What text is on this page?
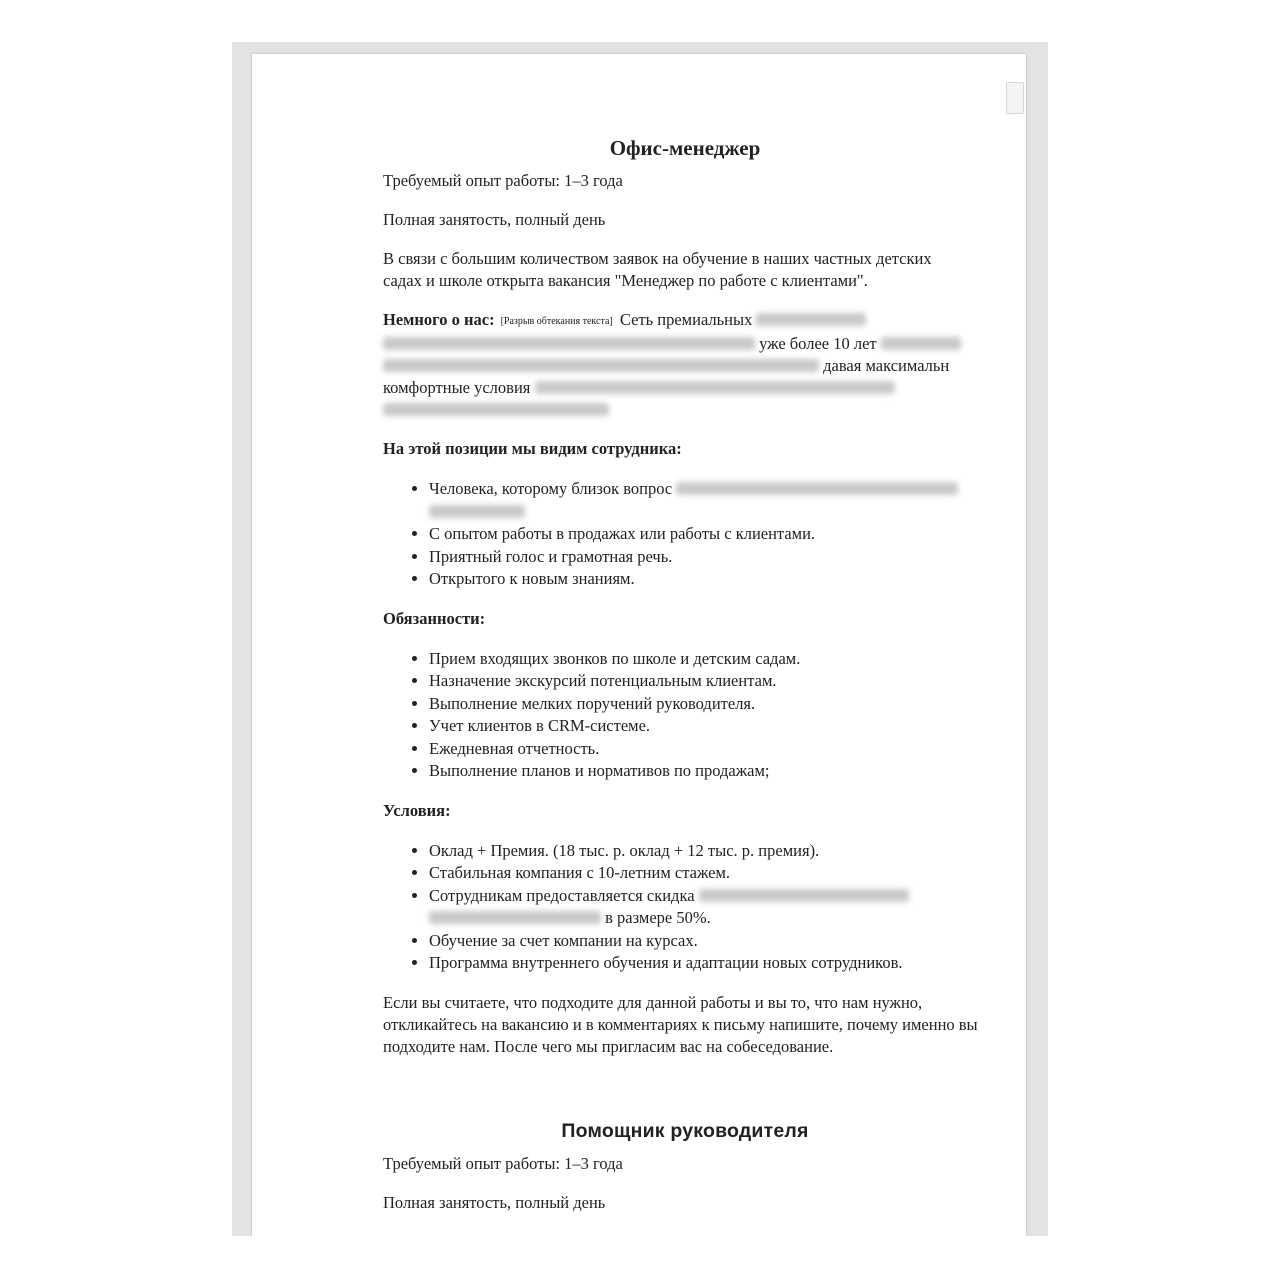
Офис-менеджер

Требуемый опыт работы: 1–3 года

Полная занятость, полный день

В связи с большим количеством заявок на обучение в наших частных детских садах и школе открыта вакансия "Менеджер по работе с клиентами".

Немного о нас: [Разрыв обтекания текста] Сеть премиальных
уже более 10 лет
давая максимальн
комфортные условия

На этой позиции мы видим сотрудника:
• Человека, которому близок вопрос

• С опытом работы в продажах или работы с клиентами.
• Приятный голос и грамотная речь.
• Открытого к новым знаниям.
Обязанности:
• Прием входящих звонков по школе и детским садам.
• Назначение экскурсий потенциальным клиентам.
• Выполнение мелких поручений руководителя.
• Учет клиентов в CRM-системе.
• Ежедневная отчетность.
• Выполнение планов и нормативов по продажам;
Условия:
• Оклад + Премия. (18 тыс. р. оклад + 12 тыс. р. премия).
• Стабильная компания с 10-летним стажем.
• Сотрудникам предоставляется скидка
в размере 50%.
• Обучение за счет компании на курсах.
• Программа внутреннего обучения и адаптации новых сотрудников.

Если вы считаете, что подходите для данной работы и вы то, что нам нужно, откликайтесь на вакансию и в комментариях к письму напишите, почему именно вы подходите нам. После чего мы пригласим вас на собеседование.

Помощник руководителя

Требуемый опыт работы: 1–3 года

Полная занятость, полный день
